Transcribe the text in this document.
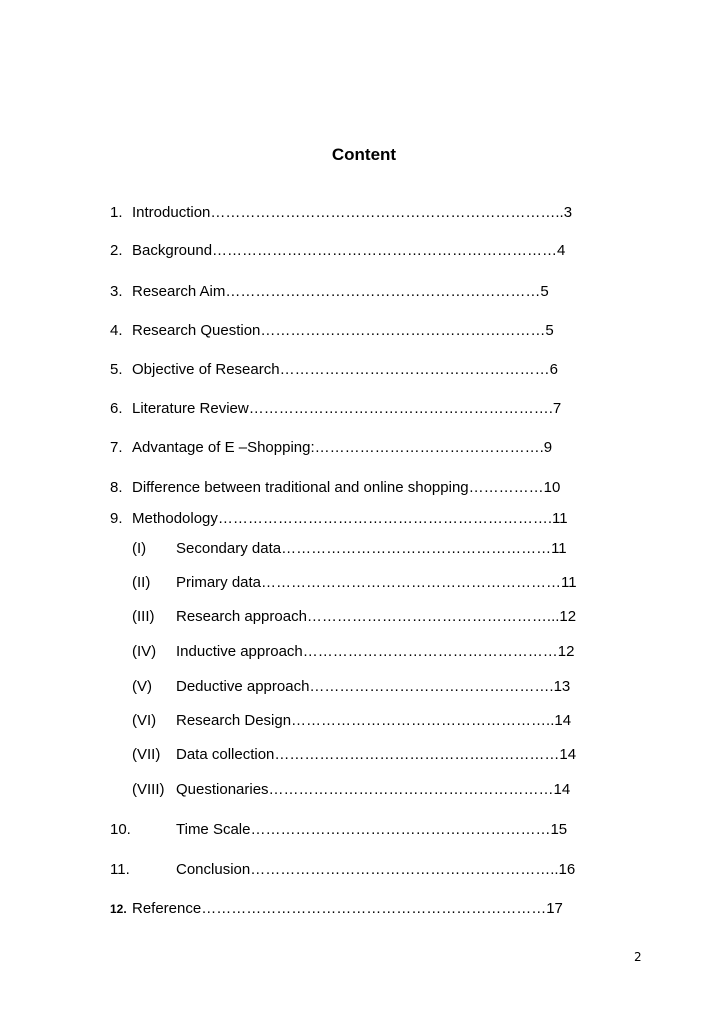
Content
1. Introduction……………………………………………………………..3
2. Background……………………………………………………………4
3. Research Aim………………………………………………………5
4. Research Question…………………………………………………5
5. Objective of Research………………………………………………6
6. Literature Review…………………………………………………….7
7. Advantage of E –Shopping:……………………………………….9
8. Difference between traditional and online shopping……………10
9. Methodology………………………………………………………….11
(I) Secondary data………………………………………………11
(II) Primary data……………………………………………………11
(III) Research approach…………………………………………...12
(IV) Inductive approach……………………………………………12
(V) Deductive approach………………………………………….13
(VI) Research Design……………………………………………..14
(VII) Data collection…………………………………………………14
(VIII) Questionaries…………………………………………………14
10.	Time Scale……………………………………………………15
11.	Conclusion……………………………………………………..16
12. Reference……………………………………………………………17
2
